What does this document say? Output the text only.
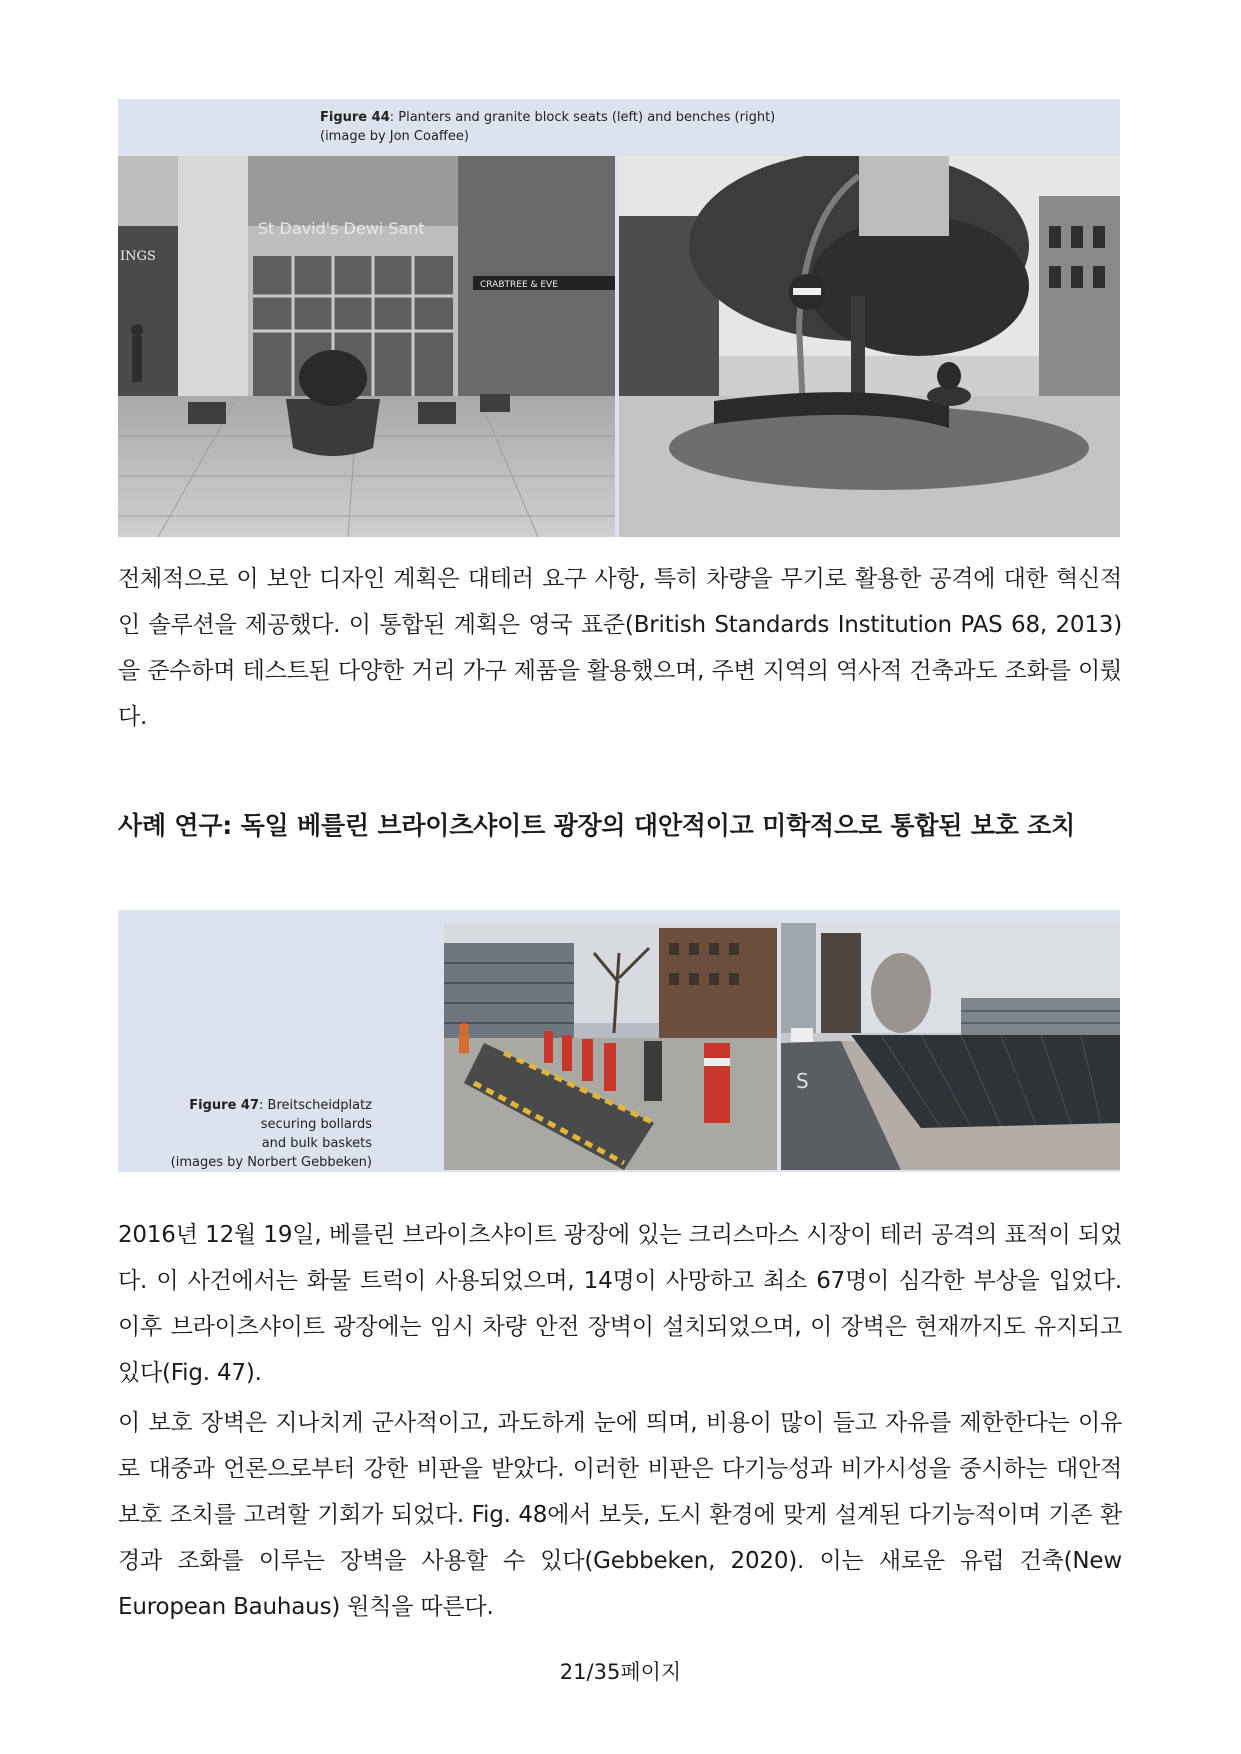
Figure 44: Planters and granite block seats (left) and benches (right)
(image by Jon Coaffee)
St David's Dewi Sant
CRABTREE & EVE
INGS

전체적으로 이 보안 디자인 계획은 대테러 요구 사항, 특히 차량을 무기로 활용한 공격에 대한 혁신적인 솔루션을 제공했다. 이 통합된 계획은 영국 표준(British Standards Institution PAS 68, 2013)을 준수하며 테스트된 다양한 거리 가구 제품을 활용했으며, 주변 지역의 역사적 건축과도 조화를 이뤘다.

사례 연구: 독일 베를린 브라이츠샤이트 광장의 대안적이고 미학적으로 통합된 보호 조치
Figure 47: Breitscheidplatz
securing bollards
and bulk baskets
(images by Norbert Gebbeken)
S

2016년 12월 19일, 베를린 브라이츠샤이트 광장에 있는 크리스마스 시장이 테러 공격의 표적이 되었다. 이 사건에서는 화물 트럭이 사용되었으며, 14명이 사망하고 최소 67명이 심각한 부상을 입었다. 이후 브라이츠샤이트 광장에는 임시 차량 안전 장벽이 설치되었으며, 이 장벽은 현재까지도 유지되고 있다(Fig. 47).

이 보호 장벽은 지나치게 군사적이고, 과도하게 눈에 띄며, 비용이 많이 들고 자유를 제한한다는 이유로 대중과 언론으로부터 강한 비판을 받았다. 이러한 비판은 다기능성과 비가시성을 중시하는 대안적 보호 조치를 고려할 기회가 되었다. Fig. 48에서 보듯, 도시 환경에 맞게 설계된 다기능적이며 기존 환경과 조화를 이루는 장벽을 사용할 수 있다(Gebbeken, 2020). 이는 새로운 유럽 건축(New European Bauhaus) 원칙을 따른다.

21/35페이지
